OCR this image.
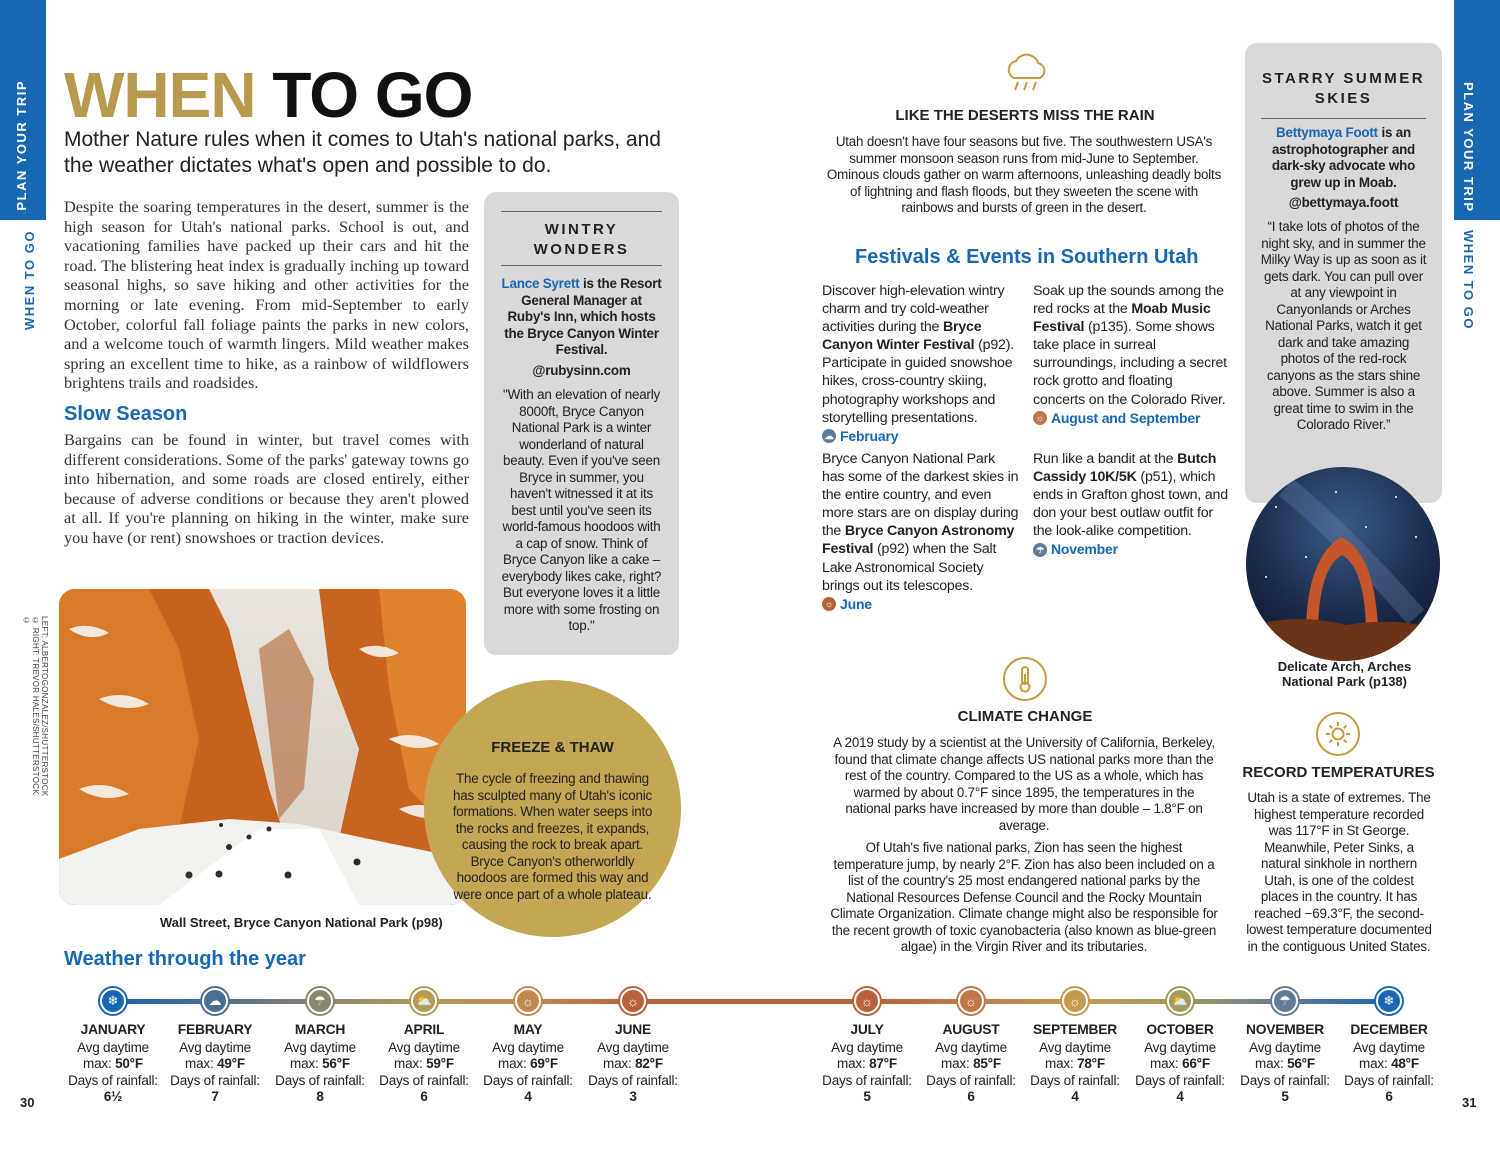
PLAN YOUR TRIP
WHEN TO GO
PLAN YOUR TRIP
WHEN TO GO
WHEN TO GO
Mother Nature rules when it comes to Utah's national parks, and the weather dictates what's open and possible to do.
Despite the soaring temperatures in the desert, summer is the high season for Utah's national parks. School is out, and vacationing families have packed up their cars and hit the road. The blistering heat index is gradually inching up toward seasonal highs, so save hiking and other activities for the morning or late evening. From mid-September to early October, colorful fall foliage paints the parks in new colors, and a welcome touch of warmth lingers. Mild weather makes spring an excellent time to hike, as a rainbow of wildflowers brightens trails and roadsides.
Slow Season
Bargains can be found in winter, but travel comes with different considerations. Some of the parks' gateway towns go into hibernation, and some roads are closed entirely, either because of adverse conditions or because they aren't plowed at all. If you're planning on hiking in the winter, make sure you have (or rent) snowshoes or traction devices.
LEFT: ALBERTOGONZALEZ/SHUTTERSTOCK © RIGHT: TREVOR HALES/SHUTTERSTOCK ©
Wall Street, Bryce Canyon National Park (p98)
WINTRY WONDERS
Lance Syrett is the Resort General Manager at Ruby's Inn, which hosts the Bryce Canyon Winter Festival.
@rubysinn.com
"With an elevation of nearly 8000ft, Bryce Canyon National Park is a winter wonderland of natural beauty. Even if you've seen Bryce in summer, you haven't witnessed it at its best until you've seen its world-famous hoodoos with a cap of snow. Think of Bryce Canyon like a cake – everybody likes cake, right? But everyone loves it a little more with some frosting on top."
FREEZE & THAW
The cycle of freezing and thawing has sculpted many of Utah's iconic formations. When water seeps into the rocks and freezes, it expands, causing the rock to break apart. Bryce Canyon's otherworldly hoodoos are formed this way and were once part of a whole plateau.
LIKE THE DESERTS MISS THE RAIN
Utah doesn't have four seasons but five. The southwestern USA's summer monsoon season runs from mid-June to September. Ominous clouds gather on warm afternoons, unleashing deadly bolts of lightning and flash floods, but they sweeten the scene with rainbows and bursts of green in the desert.
Festivals & Events in Southern Utah
Discover high-elevation wintry charm and try cold-weather activities during the Bryce Canyon Winter Festival (p92). Participate in guided snowshoe hikes, cross-country skiing, photography workshops and storytelling presentations.
☁ February
Bryce Canyon National Park has some of the darkest skies in the entire country, and even more stars are on display during the Bryce Canyon Astronomy Festival (p92) when the Salt Lake Astronomical Society brings out its telescopes.
☼ June
Soak up the sounds among the red rocks at the Moab Music Festival (p135). Some shows take place in surreal surroundings, including a secret rock grotto and floating concerts on the Colorado River.
☼ August and September
Run like a bandit at the Butch Cassidy 10K/5K (p51), which ends in Grafton ghost town, and don your best outlaw outfit for the look-alike competition.
☂ November
STARRY SUMMER SKIES
Bettymaya Foott is an astrophotographer and dark-sky advocate who grew up in Moab.
@bettymaya.foott
“I take lots of photos of the night sky, and in summer the Milky Way is up as soon as it gets dark. You can pull over at any viewpoint in Canyonlands or Arches National Parks, watch it get dark and take amazing photos of the red-rock canyons as the stars shine above. Summer is also a great time to swim in the Colorado River.”
Delicate Arch, Arches National Park (p138)
CLIMATE CHANGE
A 2019 study by a scientist at the University of California, Berkeley, found that climate change affects US national parks more than the rest of the country. Compared to the US as a whole, which has warmed by about 0.7°F since 1895, the temperatures in the national parks have increased by more than double – 1.8°F on average.
Of Utah's five national parks, Zion has seen the highest temperature jump, by nearly 2°F. Zion has also been included on a list of the country's 25 most endangered national parks by the National Resources Defense Council and the Rocky Mountain Climate Organization. Climate change might also be responsible for the recent growth of toxic cyanobacteria (also known as blue-green algae) in the Virgin River and its tributaries.
RECORD TEMPERATURES
Utah is a state of extremes. The highest temperature recorded was 117°F in St George. Meanwhile, Peter Sinks, a natural sinkhole in northern Utah, is one of the coldest places in the country. It has reached −69.3°F, the second-lowest temperature documented in the contiguous United States.
Weather through the year
❄
JANUARY
Avg daytime
max: 50°F
Days of rainfall:
6½
☁
FEBRUARY
Avg daytime
max: 49°F
Days of rainfall:
7
☂
MARCH
Avg daytime
max: 56°F
Days of rainfall:
8
⛅
APRIL
Avg daytime
max: 59°F
Days of rainfall:
6
☼
MAY
Avg daytime
max: 69°F
Days of rainfall:
4
☼
JUNE
Avg daytime
max: 82°F
Days of rainfall:
3
☼
JULY
Avg daytime
max: 87°F
Days of rainfall:
5
☼
AUGUST
Avg daytime
max: 85°F
Days of rainfall:
6
☼
SEPTEMBER
Avg daytime
max: 78°F
Days of rainfall:
4
⛅
OCTOBER
Avg daytime
max: 66°F
Days of rainfall:
4
☂
NOVEMBER
Avg daytime
max: 56°F
Days of rainfall:
5
❄
DECEMBER
Avg daytime
max: 48°F
Days of rainfall:
6
30	31
